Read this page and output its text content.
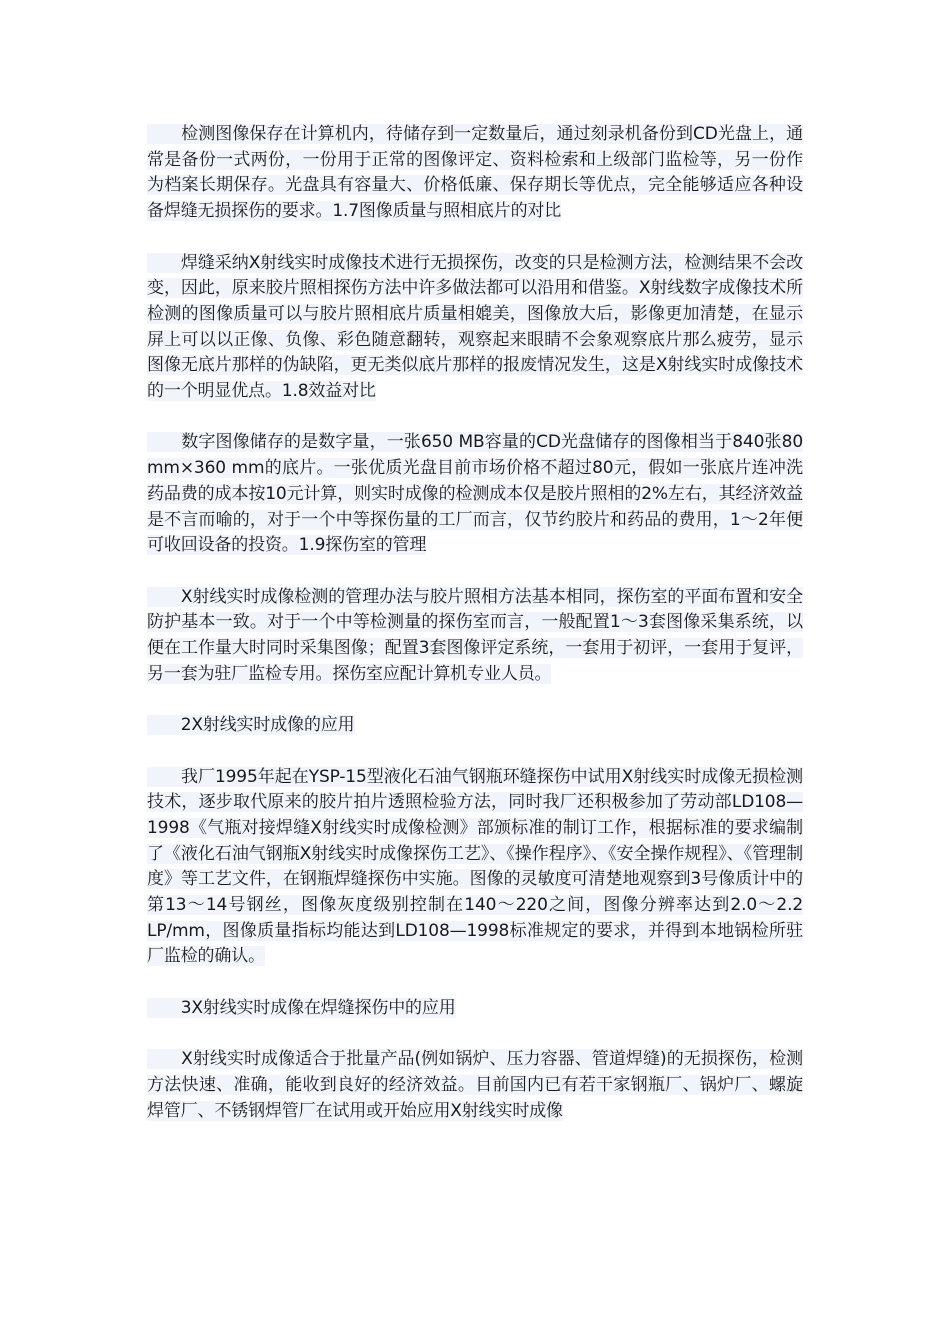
　　检测图像保存在计算机内，待储存到一定数量后，通过刻录机备份到CD光盘上，通常是备份一式两份，一份用于正常的图像评定、资料检索和上级部门监检等，另一份作为档案长期保存。光盘具有容量大、价格低廉、保存期长等优点，完全能够适应各种设备焊缝无损探伤的要求。1.7图像质量与照相底片的对比

　　焊缝采纳X射线实时成像技术进行无损探伤，改变的只是检测方法，检测结果不会改变，因此，原来胶片照相探伤方法中许多做法都可以沿用和借鉴。X射线数字成像技术所检测的图像质量可以与胶片照相底片质量相媲美，图像放大后，影像更加清楚，在显示屏上可以以正像、负像、彩色随意翻转，观察起来眼睛不会象观察底片那么疲劳，显示图像无底片那样的伪缺陷，更无类似底片那样的报废情况发生，这是X射线实时成像技术的一个明显优点。1.8效益对比

　　数字图像储存的是数字量，一张650 MB容量的CD光盘储存的图像相当于840张80 mm×360 mm的底片。一张优质光盘目前市场价格不超过80元，假如一张底片连冲洗药品费的成本按10元计算，则实时成像的检测成本仅是胶片照相的2%左右，其经济效益是不言而喻的，对于一个中等探伤量的工厂而言，仅节约胶片和药品的费用，1～2年便可收回设备的投资。1.9探伤室的管理

　　X射线实时成像检测的管理办法与胶片照相方法基本相同，探伤室的平面布置和安全防护基本一致。对于一个中等检测量的探伤室而言，一般配置1～3套图像采集系统，以便在工作量大时同时采集图像；配置3套图像评定系统，一套用于初评，一套用于复评，另一套为驻厂监检专用。探伤室应配计算机专业人员。

　　2X射线实时成像的应用

　　我厂1995年起在YSP-15型液化石油气钢瓶环缝探伤中试用X射线实时成像无损检测技术，逐步取代原来的胶片拍片透照检验方法，同时我厂还积极参加了劳动部LD108—1998《气瓶对接焊缝X射线实时成像检测》部颁标准的制订工作，根据标准的要求编制了《液化石油气钢瓶X射线实时成像探伤工艺》、《操作程序》、《安全操作规程》、《管理制度》等工艺文件，在钢瓶焊缝探伤中实施。图像的灵敏度可清楚地观察到3号像质计中的第13～14号钢丝，图像灰度级别控制在140～220之间，图像分辨率达到2.0～2.2 LP/mm，图像质量指标均能达到LD108—1998标准规定的要求，并得到本地锅检所驻厂监检的确认。

　　3X射线实时成像在焊缝探伤中的应用

　　X射线实时成像适合于批量产品(例如锅炉、压力容器、管道焊缝)的无损探伤，检测方法快速、准确，能收到良好的经济效益。目前国内已有若干家钢瓶厂、锅炉厂、螺旋焊管厂、不锈钢焊管厂在试用或开始应用X射线实时成像
